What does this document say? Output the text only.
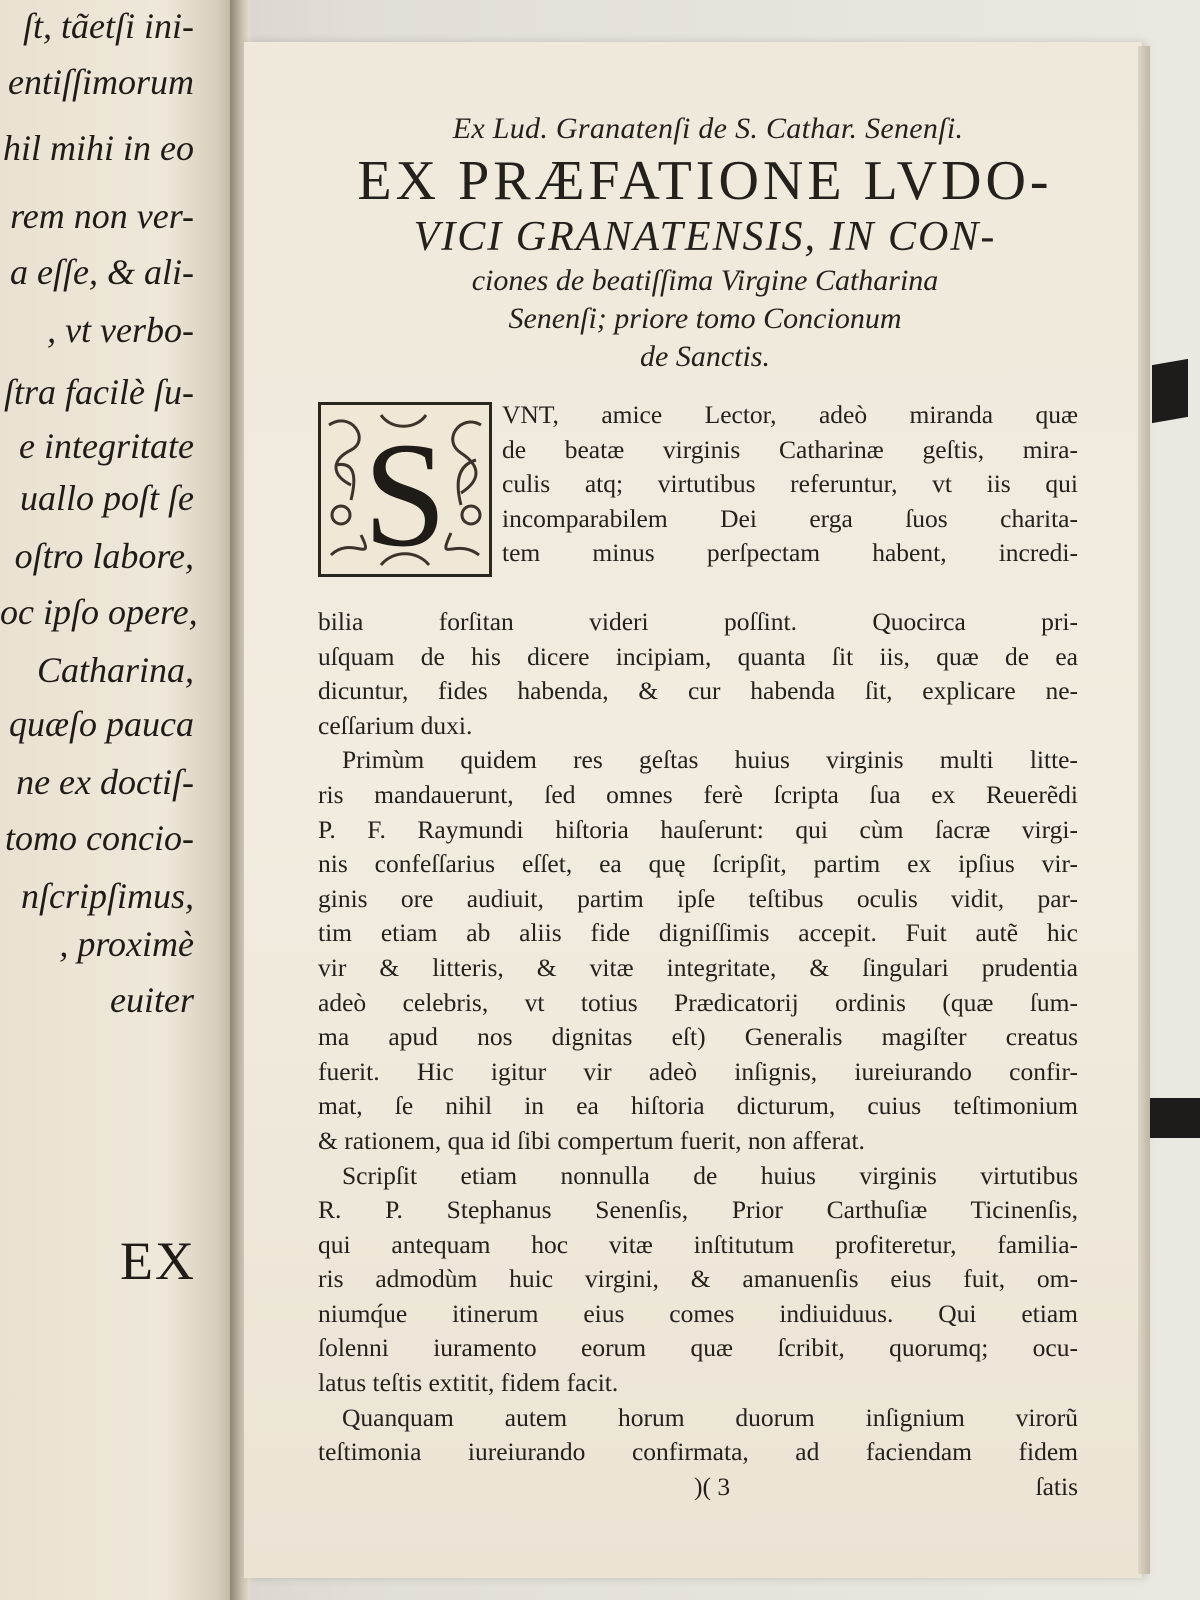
ſt, tãetſi ini-
entiſſimorum
hil mihi in eo
rem non ver-
a eſſe, & ali-
, vt verbo-
ſtra facilè ſu-
e integritate
uallo poſt ſe
oſtro labore,
oc ipſo opere,
Catharina,
quæſo pauca
ne ex doctiſ-
tomo concio-
nſcripſimus,
, proximè
euiter
EX
Ex Lud. Granatenſi de S. Cathar. Senenſi.
EX PRÆFATIONE LVDO-
VICI GRANATENSIS, IN CON-
ciones de beatiſſima Virgine Catharina
Senenſi; priore tomo Concionum
de Sanctis.
S VNT, amice Lector, adeò miranda quæ
de beatæ virginis Catharinæ geſtis, mira-
culis atq; virtutibus referuntur, vt iis qui
incomparabilem Dei erga ſuos charita-
tem minus perſpectam habent, incredi-
bilia forſitan videri poſſint. Quocirca pri-
uſquam de his dicere incipiam, quanta ſit iis, quæ de ea
dicuntur, fides habenda, & cur habenda ſit, explicare ne-
ceſſarium duxi.
Primùm quidem res geſtas huius virginis multi litte-
ris mandauerunt, ſed omnes ferè ſcripta ſua ex Reuerẽdi
P. F. Raymundi hiſtoria hauſerunt: qui cùm ſacræ virgi-
nis confeſſarius eſſet, ea quę ſcripſit, partim ex ipſius vir-
ginis ore audiuit, partim ipſe teſtibus oculis vidit, par-
tim etiam ab aliis fide digniſſimis accepit. Fuit autẽ hic
vir & litteris, & vitæ integritate, & ſingulari prudentia
adeò celebris, vt totius Prædicatorij ordinis (quæ ſum-
ma apud nos dignitas eſt) Generalis magiſter creatus
fuerit. Hic igitur vir adeò inſignis, iureiurando confir-
mat, ſe nihil in ea hiſtoria dicturum, cuius teſtimonium
& rationem, qua id ſibi compertum fuerit, non afferat.
Scripſit etiam nonnulla de huius virginis virtutibus
R. P. Stephanus Senenſis, Prior Carthuſiæ Ticinenſis,
qui antequam hoc vitæ inſtitutum profiteretur, familia-
ris admodùm huic virgini, & amanuenſis eius fuit, om-
niumq́ue itinerum eius comes indiuiduus. Qui etiam
ſolenni iuramento eorum quæ ſcribit, quorumq; ocu-
latus teſtis extitit, fidem facit.
Quanquam autem horum duorum inſignium virorũ
teſtimonia iureiurando confirmata, ad faciendam fidem
)( 3	ſatis
